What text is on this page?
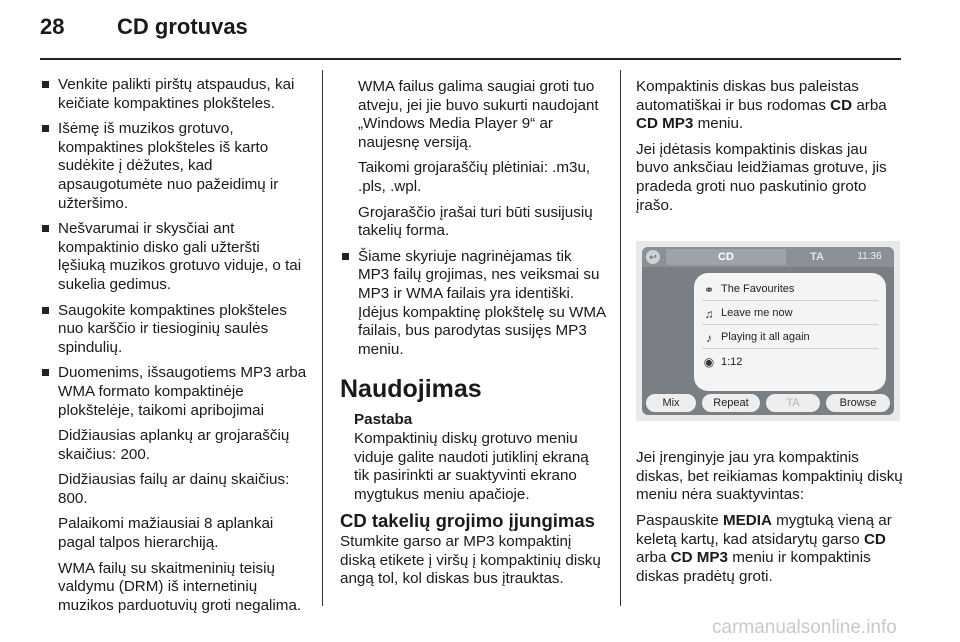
28 CD grotuvas
Venkite palikti pirštų atspaudus, kai keičiate kompaktines plokšteles.
Išėmę iš muzikos grotuvo, kompaktines plokšteles iš karto sudėkite į dėžutes, kad apsaugotumėte nuo pažeidimų ir užteršimo.
Nešvarumai ir skysčiai ant kompaktinio disko gali užteršti lęšiuką muzikos grotuvo viduje, o tai sukelia gedimus.
Saugokite kompaktines plokšteles nuo karščio ir tiesioginių saulės spindulių.
Duomenims, išsaugotiems MP3 arba WMA formato kompaktinėje plokštelėje, taikomi apribojimai
Didžiausias aplankų ar grojaraščių skaičius: 200.
Didžiausias failų ar dainų skaičius: 800.
Palaikomi mažiausiai 8 aplankai pagal talpos hierarchiją.
WMA failų su skaitmeninių teisių valdymu (DRM) iš internetinių muzikos parduotuvių groti negalima.
WMA failus galima saugiai groti tuo atveju, jei jie buvo sukurti naudojant „Windows Media Player 9“ ar naujesnę versiją.
Taikomi grojaraščių plėtiniai: .m3u, .pls, .wpl.
Grojaraščio įrašai turi būti susijusių takelių forma.
Šiame skyriuje nagrinėjamas tik MP3 failų grojimas, nes veiksmai su MP3 ir WMA failais yra identiški. Įdėjus kompaktinę plokštelę su WMA failais, bus parodytas susijęs MP3 meniu.
Naudojimas
Pastaba
Kompaktinių diskų grotuvo meniu viduje galite naudoti jutiklinį ekraną tik pasirinkti ar suaktyvinti ekrano mygtukus meniu apačioje.
CD takelių grojimo įjungimas
Stumkite garso ar MP3 kompaktinį diską etikete į viršų į kompaktinių diskų angą tol, kol diskas bus įtrauktas.
Kompaktinis diskas bus paleistas automatiškai ir bus rodomas CD arba CD MP3 meniu.
Jei įdėtasis kompaktinis diskas jau buvo anksčiau leidžiamas grotuve, jis pradeda groti nuo paskutinio groto įrašo.
↩	CD	TA	11:36
⚭ The Favourites
♫ Leave me now
♪ Playing it all again
◉ 1:12
Mix	Repeat	TA	Browse
Jei įrenginyje jau yra kompaktinis diskas, bet reikiamas kompaktinių diskų meniu nėra suaktyvintas:
Paspauskite MEDIA mygtuką vieną ar keletą kartų, kad atsidarytų garso CD arba CD MP3 meniu ir kompaktinis diskas pradėtų groti.
carmanualsonline.info
